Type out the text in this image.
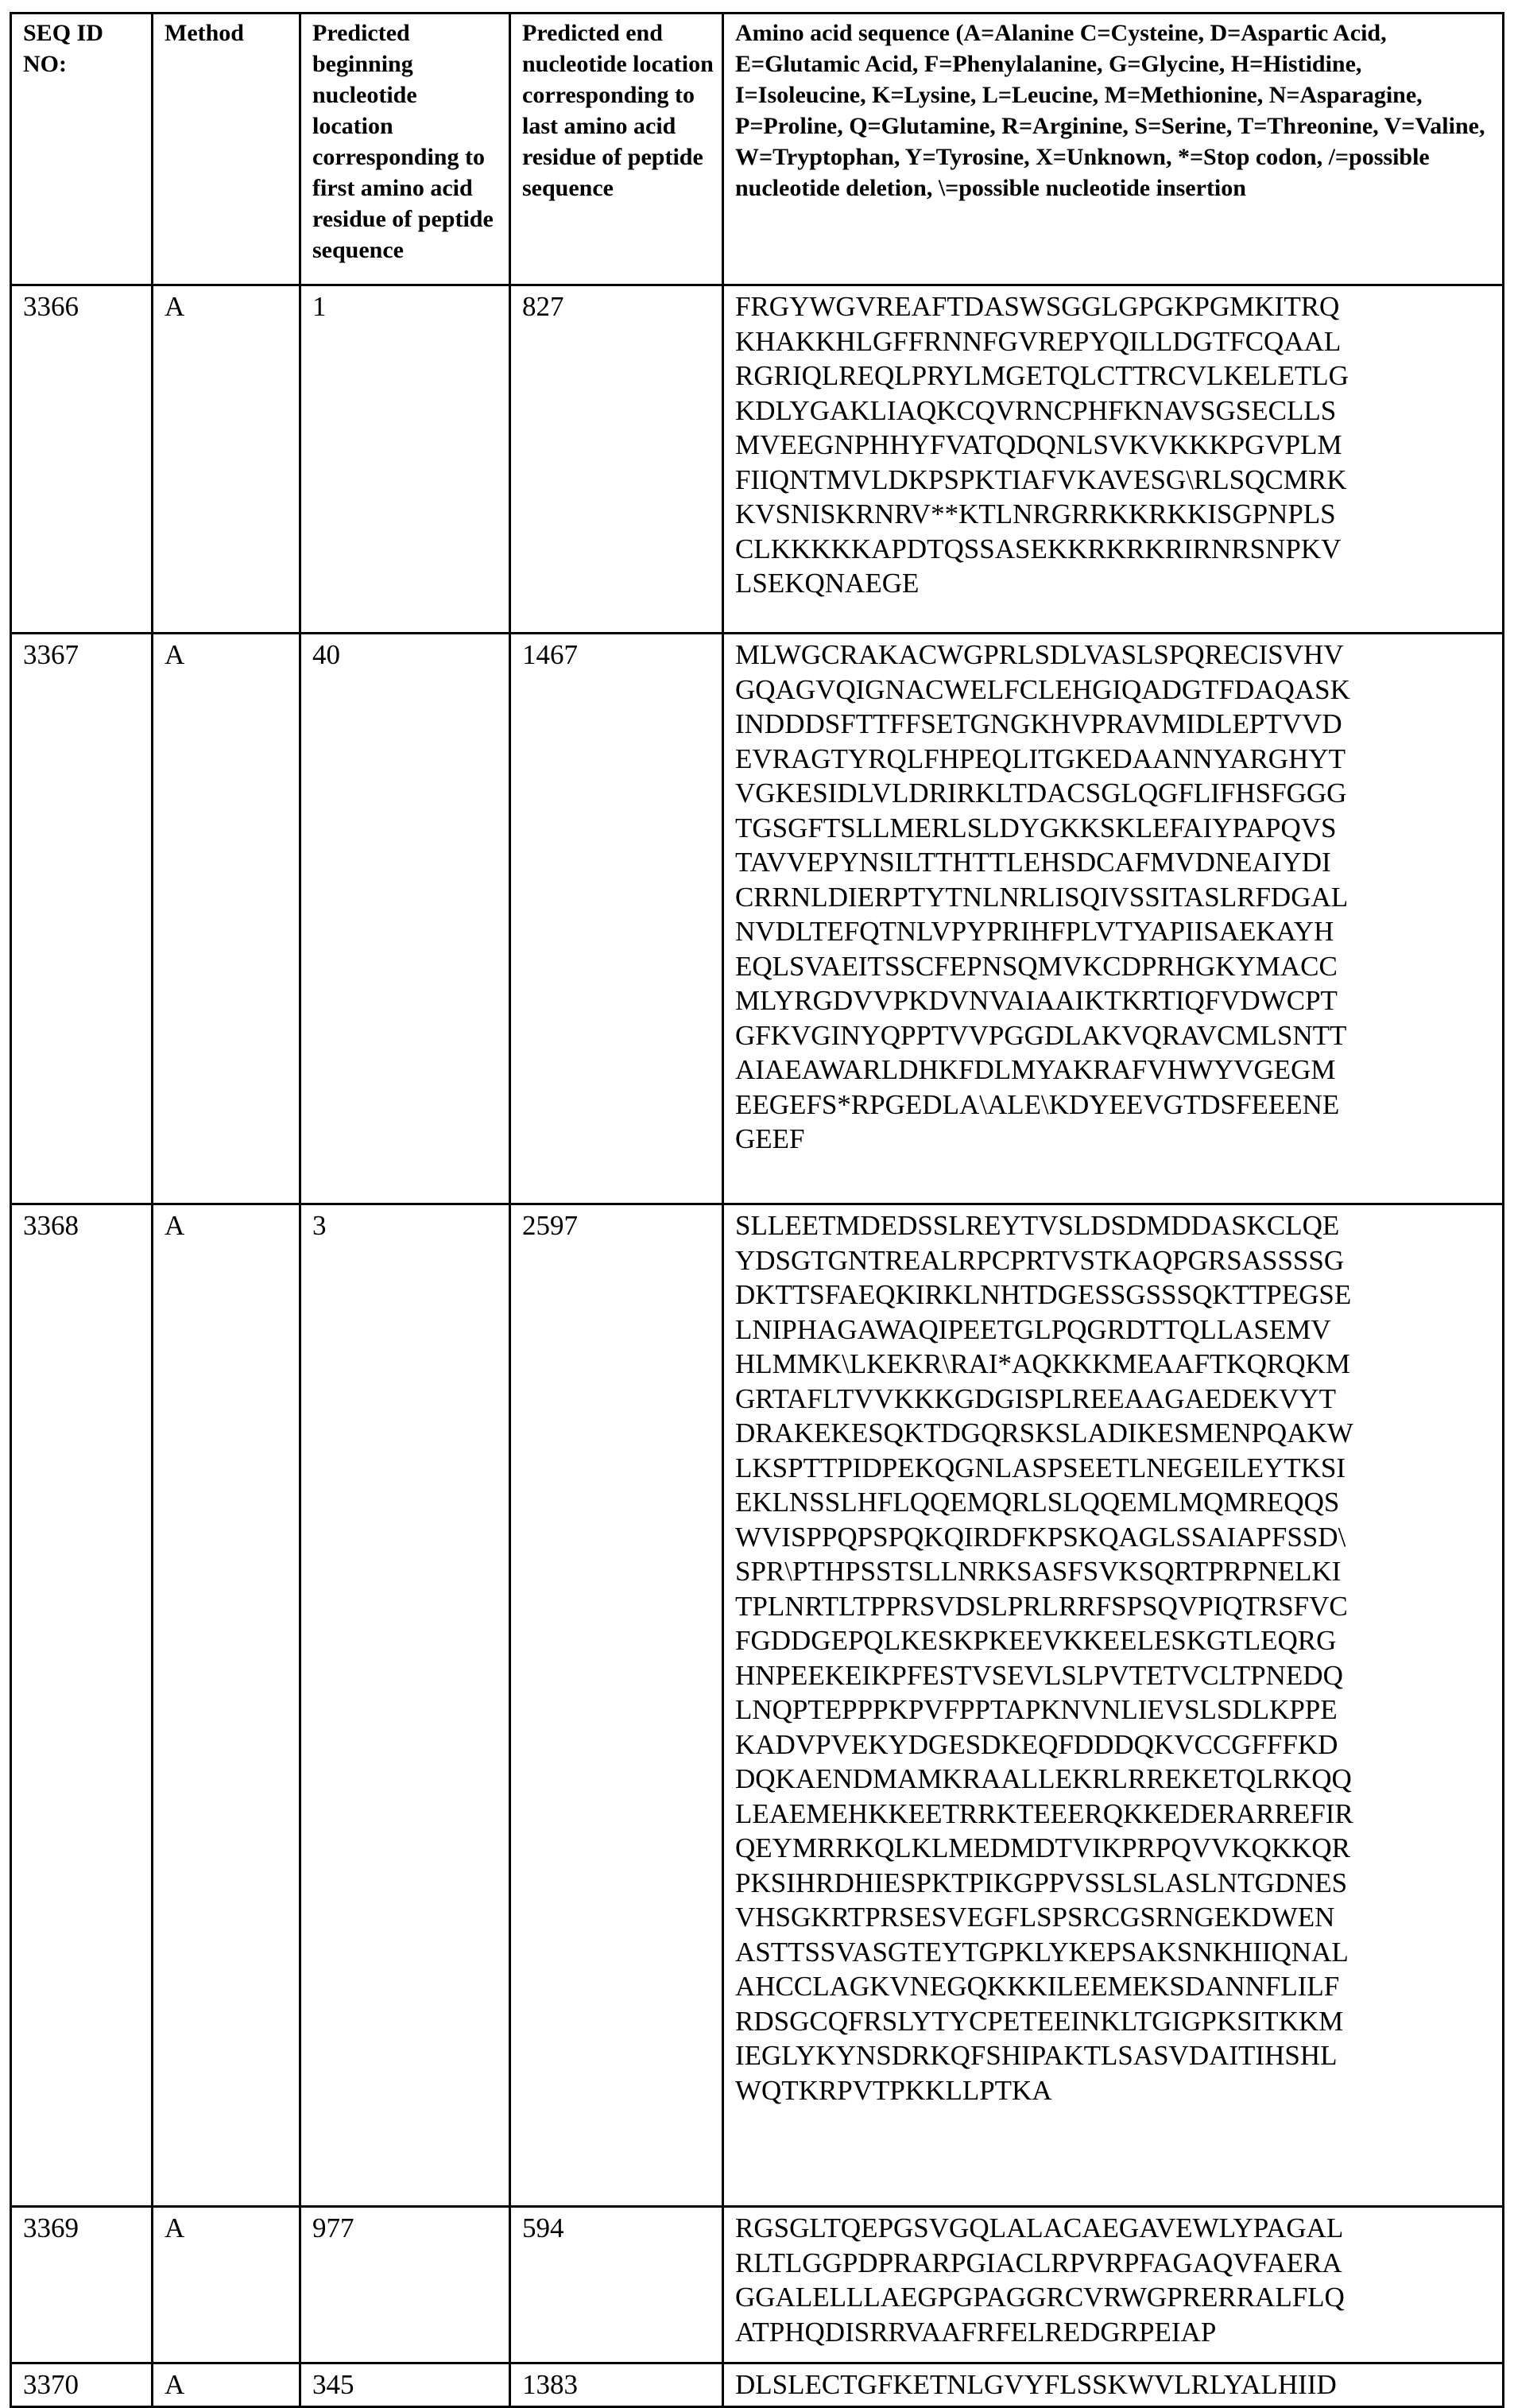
SEQ ID NO:	Method	Predicted beginning nucleotide location corresponding to first amino acid residue of peptide sequence	Predicted end nucleotide location corresponding to last amino acid residue of peptide sequence	Amino acid sequence (A=Alanine C=Cysteine, D=Aspartic Acid, E=Glutamic Acid, F=Phenylalanine, G=Glycine, H=Histidine, I=Isoleucine, K=Lysine, L=Leucine, M=Methionine, N=Asparagine, P=Proline, Q=Glutamine, R=Arginine, S=Serine, T=Threonine, V=Valine, W=Tryptophan, Y=Tyrosine, X=Unknown, *=Stop codon, /=possible nucleotide deletion, \=possible nucleotide insertion
3366	A	1	827	FRGYWGVREAFTDASWSGGLGPGKPGMKITRQ
KHAKKHLGFFRNNFGVREPYQILLDGTFCQAAL
RGRIQLREQLPRYLMGETQLCTTRCVLKELETLG
KDLYGAKLIAQKCQVRNCPHFKNAVSGSECLLS
MVEEGNPHHYFVATQDQNLSVKVKKKPGVPLM
FIIQNTMVLDKPSPKTIAFVKAVESG\RLSQCMRK
KVSNISKRNRV**KTLNRGRRKKRKKISGPNPLS
CLKKKKKAPDTQSSASEKKRKRKRIRNRSNPKV
LSEKQNAEGE

3367	A	40	1467	MLWGCRAKACWGPRLSDLVASLSPQRECISVHV
GQAGVQIGNACWELFCLEHGIQADGTFDAQASK
INDDDSFTTFFSETGNGKHVPRAVMIDLEPTVVD
EVRAGTYRQLFHPEQLITGKEDAANNYARGHYT
VGKESIDLVLDRIRKLTDACSGLQGFLIFHSFGGG
TGSGFTSLLMERLSLDYGKKSKLEFAIYPAPQVS
TAVVEPYNSILTTHTTLEHSDCAFMVDNEAIYDI
CRRNLDIERPTYTNLNRLISQIVSSITASLRFDGAL
NVDLTEFQTNLVPYPRIHFPLVTYAPIISAEKAYH
EQLSVAEITSSCFEPNSQMVKCDPRHGKYMACC
MLYRGDVVPKDVNVAIAAIKTKRTIQFVDWCPT
GFKVGINYQPPTVVPGGDLAKVQRAVCMLSNTT
AIAEAWARLDHKFDLMYAKRAFVHWYVGEGM
EEGEFS*RPGEDLA\ALE\KDYEEVGTDSFEEENE
GEEF

3368	A	3	2597	SLLEETMDEDSSLREYTVSLDSDMDDASKCLQE
YDSGTGNTREALRPCPRTVSTKAQPGRSASSSSG
DKTTSFAEQKIRKLNHTDGESSGSSSQKTTPEGSE
LNIPHAGAWAQIPEETGLPQGRDTTQLLASEMV
HLMMK\LKEKR\RAI*AQKKKMEAAFTKQRQKM
GRTAFLTVVKKKGDGISPLREEAAGAEDEKVYT
DRAKEKESQKTDGQRSKSLADIKESMENPQAKW
LKSPTTPIDPEKQGNLASPSEETLNEGEILEYTKSI
EKLNSSLHFLQQEMQRLSLQQEMLMQMREQQS
WVISPPQPSPQKQIRDFKPSKQAGLSSAIAPFSSD\
SPR\PTHPSSTSLLNRKSASFSVKSQRTPRPNELKI
TPLNRTLTPPRSVDSLPRLRRFSPSQVPIQTRSFVC
FGDDGEPQLKESKPKEEVKKEELESKGTLEQRG
HNPEEKEIKPFESTVSEVLSLPVTETVCLTPNEDQ
LNQPTEPPPKPVFPPTAPKNVNLIEVSLSDLKPPE
KADVPVEKYDGESDKEQFDDDQKVCCGFFFKD
DQKAENDMAMKRAALLEKRLRREKETQLRKQQ
LEAEMEHKKEETRRKTEEERQKKEDERARREFIR
QEYMRRKQLKLMEDMDTVIKPRPQVVKQKKQR
PKSIHRDHIESPKTPIKGPPVSSLSLASLNTGDNES
VHSGKRTPRSESVEGFLSPSRCGSRNGEKDWEN
ASTTSSVASGTEYTGPKLYKEPSAKSNKHIIQNAL
AHCCLAGKVNEGQKKKILEEMEKSDANNFLILF
RDSGCQFRSLYTYCPETEEINKLTGIGPKSITKKM
IEGLYKYNSDRKQFSHIPAKTLSASVDAITIHSHL
WQTKRPVTPKKLLPTKA

3369	A	977	594	RGSGLTQEPGSVGQLALACAEGAVEWLYPAGAL
RLTLGGPDPRARPGIACLRPVRPFAGAQVFAERA
GGALELLLAEGPGPAGGRCVRWGPRERRALFLQ
ATPHQDISRRVAAFRFELREDGRPEIAP

3370	A	345	1383	DLSLECTGFKETNLGVYFLSSKWVLRLYALHIID
